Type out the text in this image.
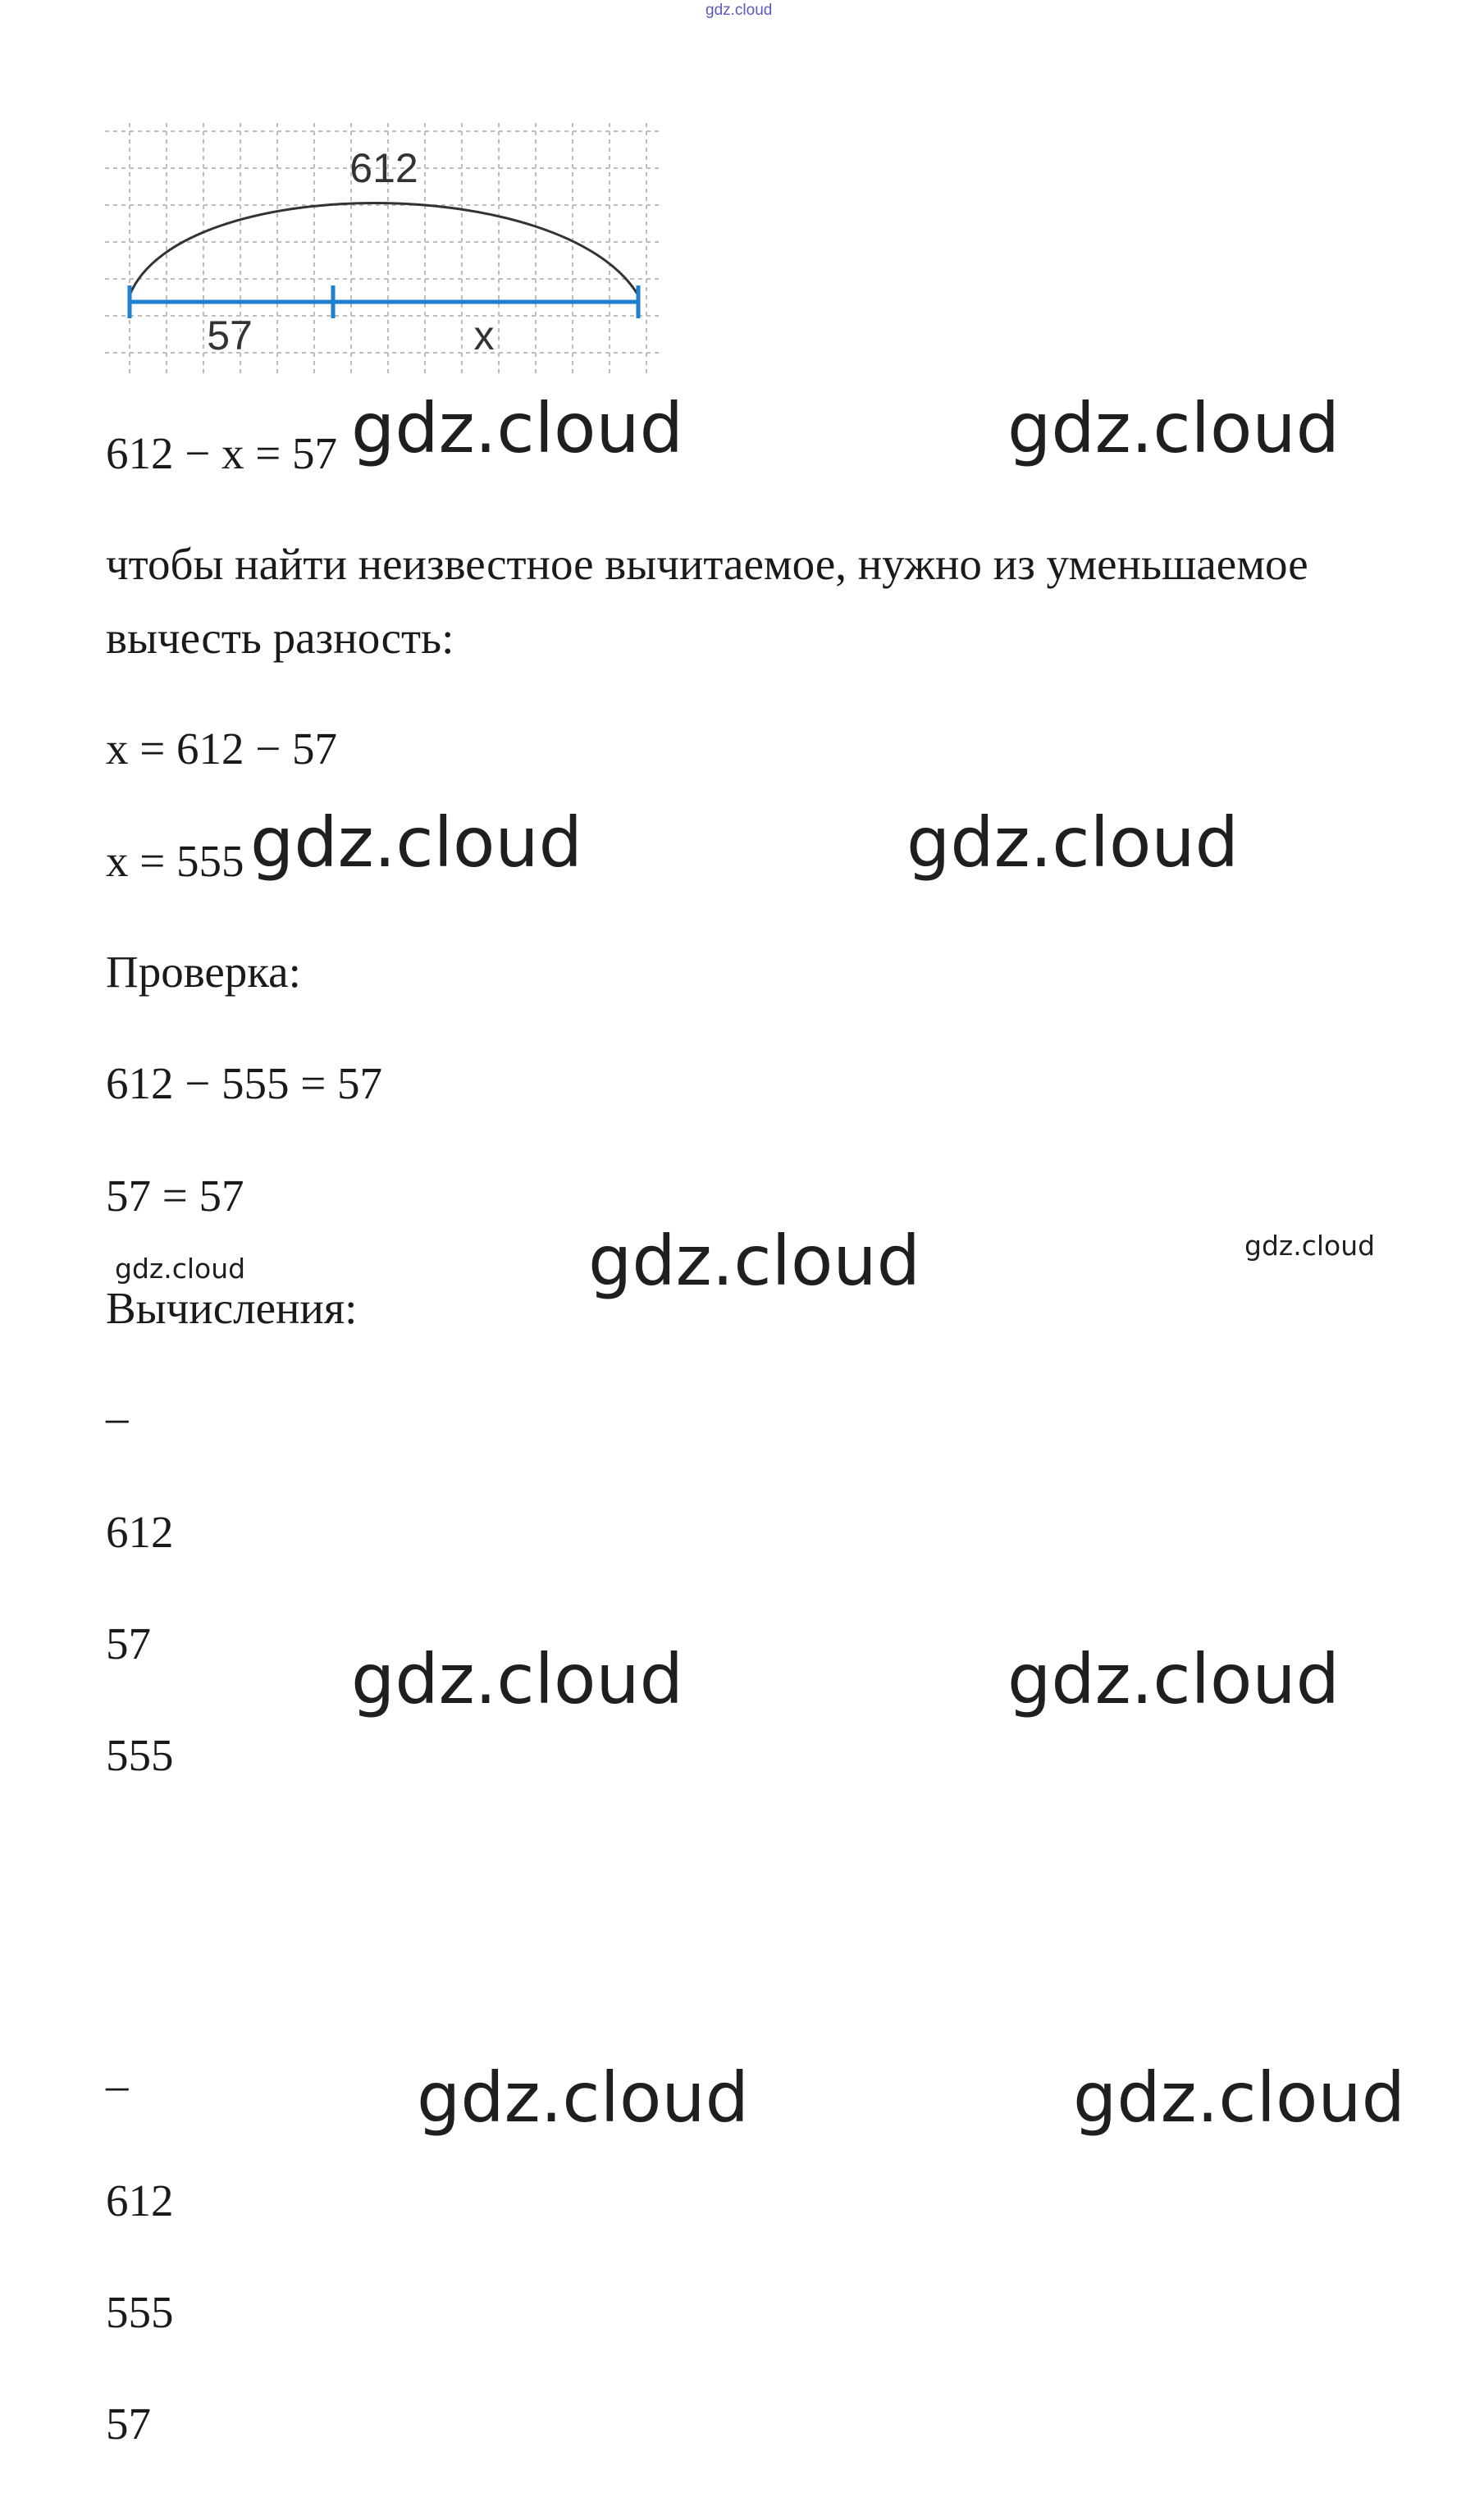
gdz.cloud
612
57	x
612 − x = 57
чтобы найти неизвестное вычитаемое, нужно из уменьшаемое
вычесть разность:
x = 612 − 57
x = 555
Проверка:
612 − 555 = 57
57 = 57
Вычисления:
–
612
57
555
–
612
555
57
gdz.cloud	gdz.cloud
gdz.cloud	gdz.cloud
gdz.cloud	gdz.cloud	gdz.cloud
gdz.cloud	gdz.cloud
gdz.cloud	gdz.cloud
